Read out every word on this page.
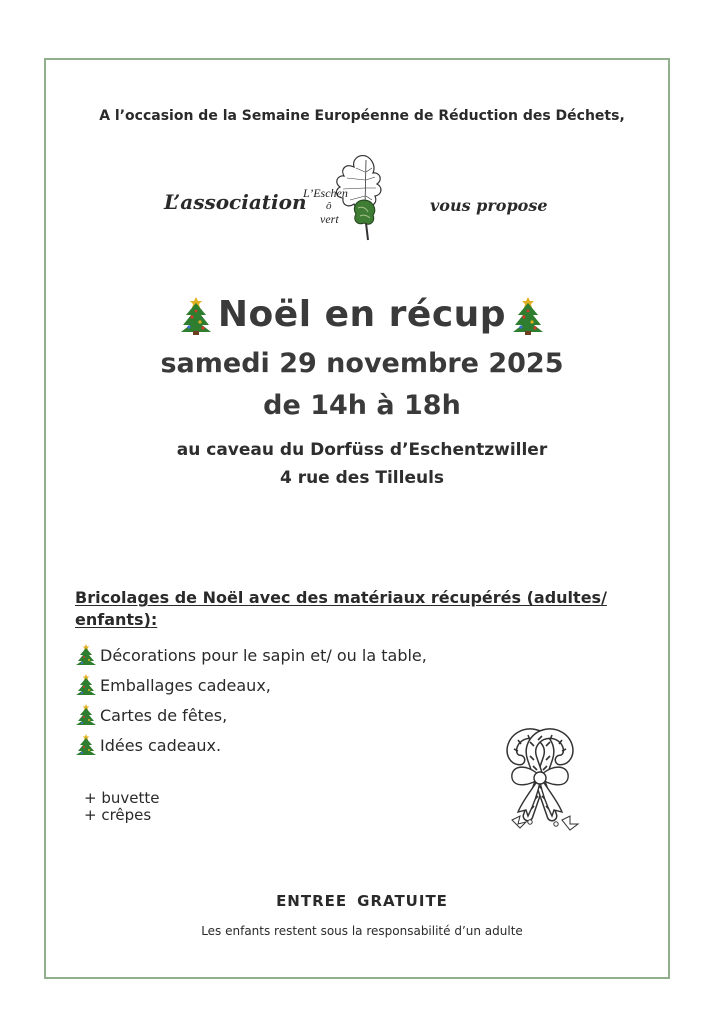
A l’occasion de la Semaine Européenne de Réduction des Déchets,
L’association
L’Eschen
ô
vert
vous propose
Noël en récup
samedi 29 novembre 2025
de 14h à 18h
au caveau du Dorfüss d’Eschentzwiller
4 rue des Tilleuls
Bricolages de Noël avec des matériaux récupérés (adultes/
enfants):
Décorations pour le sapin et/ ou la table,
Emballages cadeaux,
Cartes de fêtes,
Idées cadeaux.
+ buvette
+ crêpes
ENTREE GRATUITE
Les enfants restent sous la responsabilité d’un adulte
